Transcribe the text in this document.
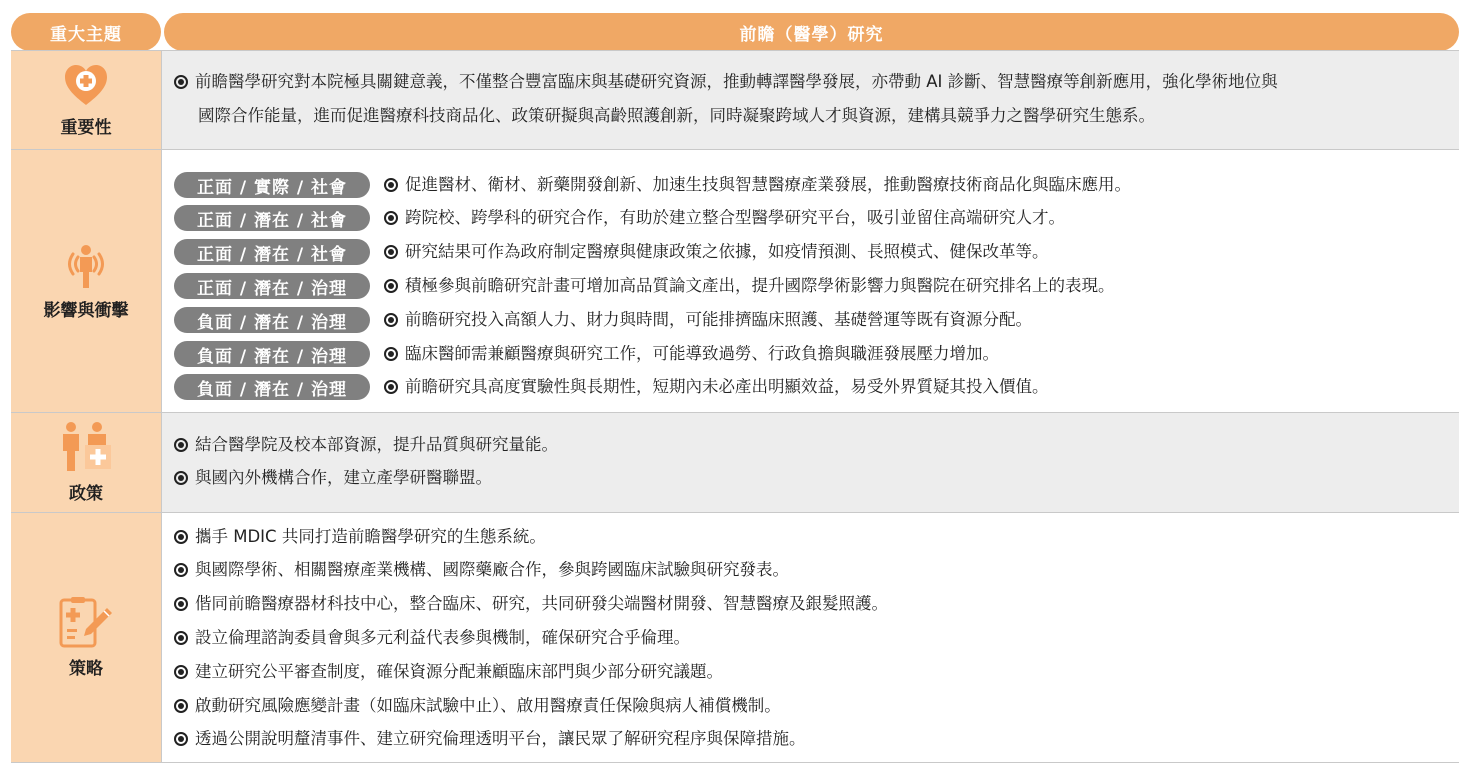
重大主題	前瞻（醫學）研究
重要性
前瞻醫學研究對本院極具關鍵意義，不僅整合豐富臨床與基礎研究資源，推動轉譯醫學發展，亦帶動 AI 診斷、智慧醫療等創新應用，強化學術地位與
國際合作能量，進而促進醫療科技商品化、政策研擬與高齡照護創新，同時凝聚跨域人才與資源，建構具競爭力之醫學研究生態系。
影響與衝擊
正面 / 實際 / 社會	促進醫材、衛材、新藥開發創新、加速生技與智慧醫療產業發展，推動醫療技術商品化與臨床應用。
正面 / 潛在 / 社會	跨院校、跨學科的研究合作，有助於建立整合型醫學研究平台，吸引並留住高端研究人才。
正面 / 潛在 / 社會	研究結果可作為政府制定醫療與健康政策之依據，如疫情預測、長照模式、健保改革等。
正面 / 潛在 / 治理	積極參與前瞻研究計畫可增加高品質論文產出，提升國際學術影響力與醫院在研究排名上的表現。
負面 / 潛在 / 治理	前瞻研究投入高額人力、財力與時間，可能排擠臨床照護、基礎營運等既有資源分配。
負面 / 潛在 / 治理	臨床醫師需兼顧醫療與研究工作，可能導致過勞、行政負擔與職涯發展壓力增加。
負面 / 潛在 / 治理	前瞻研究具高度實驗性與長期性，短期內未必產出明顯效益，易受外界質疑其投入價值。
政策
結合醫學院及校本部資源，提升品質與研究量能。
與國內外機構合作，建立產學研醫聯盟。
策略
攜手 MDIC 共同打造前瞻醫學研究的生態系統。
與國際學術、相關醫療產業機構、國際藥廠合作，參與跨國臨床試驗與研究發表。
偕同前瞻醫療器材科技中心，整合臨床、研究，共同研發尖端醫材開發、智慧醫療及銀髮照護。
設立倫理諮詢委員會與多元利益代表參與機制，確保研究合乎倫理。
建立研究公平審查制度，確保資源分配兼顧臨床部門與少部分研究議題。
啟動研究風險應變計畫（如臨床試驗中止）、啟用醫療責任保險與病人補償機制。
透過公開說明釐清事件、建立研究倫理透明平台，讓民眾了解研究程序與保障措施。
